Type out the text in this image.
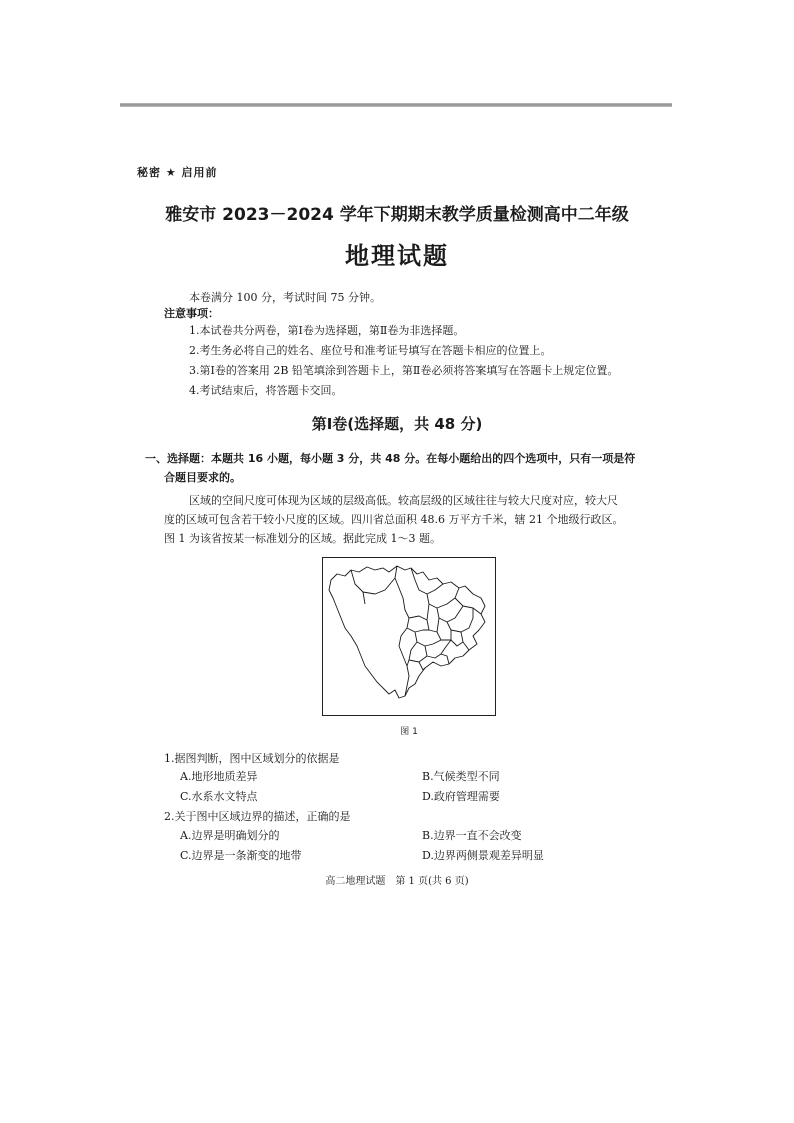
秘密 ★ 启用前
雅安市 2023－2024 学年下期期末教学质量检测高中二年级
地理试题
本卷满分 100 分，考试时间 75 分钟。
注意事项：
1.本试卷共分两卷，第Ⅰ卷为选择题，第Ⅱ卷为非选择题。
2.考生务必将自己的姓名、座位号和准考证号填写在答题卡相应的位置上。
3.第Ⅰ卷的答案用 2B 铅笔填涂到答题卡上，第Ⅱ卷必须将答案填写在答题卡上规定位置。
4.考试结束后，将答题卡交回。
第Ⅰ卷(选择题，共 48 分)
一、选择题：本题共 16 小题，每小题 3 分，共 48 分。在每小题给出的四个选项中，只有一项是符
合题目要求的。
区域的空间尺度可体现为区域的层级高低。较高层级的区域往往与较大尺度对应，较大尺
度的区域可包含若干较小尺度的区域。四川省总面积 48.6 万平方千米，辖 21 个地级行政区。
图 1 为该省按某一标准划分的区域。据此完成 1～3 题。
图 1
1.据图判断，图中区域划分的依据是
A.地形地质差异	B.气候类型不同
C.水系水文特点	D.政府管理需要
2.关于图中区域边界的描述，正确的是
A.边界是明确划分的	B.边界一直不会改变
C.边界是一条渐变的地带	D.边界两侧景观差异明显
高二地理试题　第 1 页(共 6 页)
